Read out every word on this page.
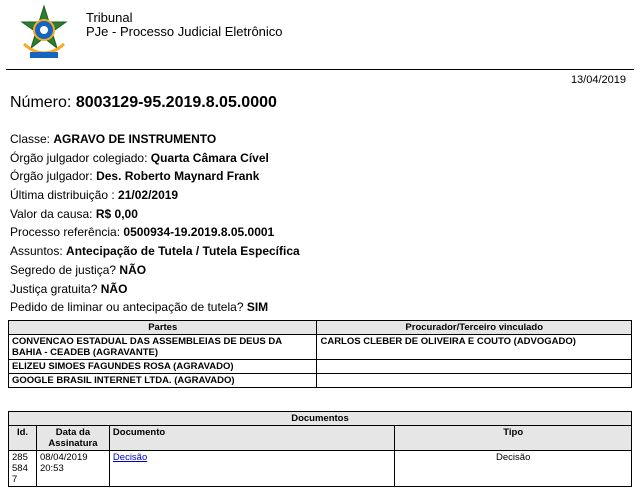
Tribunal
PJe - Processo Judicial Eletrônico
13/04/2019
Número: 8003129-95.2019.8.05.0000
Classe: AGRAVO DE INSTRUMENTO
Órgão julgador colegiado: Quarta Câmara Cível
Órgão julgador: Des. Roberto Maynard Frank
Última distribuição : 21/02/2019
Valor da causa: R$ 0,00
Processo referência: 0500934-19.2019.8.05.0001
Assuntos: Antecipação de Tutela / Tutela Específica
Segredo de justiça? NÃO
Justiça gratuita? NÃO
Pedido de liminar ou antecipação de tutela? SIM
Partes	Procurador/Terceiro vinculado
CONVENCAO ESTADUAL DAS ASSEMBLEIAS DE DEUS DA BAHIA - CEADEB (AGRAVANTE)	CARLOS CLEBER DE OLIVEIRA E COUTO (ADVOGADO)
ELIZEU SIMOES FAGUNDES ROSA (AGRAVADO)	
GOOGLE BRASIL INTERNET LTDA. (AGRAVADO)	
Documentos			
Id.	Data da Assinatura	Documento	Tipo
2855847	08/04/2019 20:53	Decisão	Decisão
